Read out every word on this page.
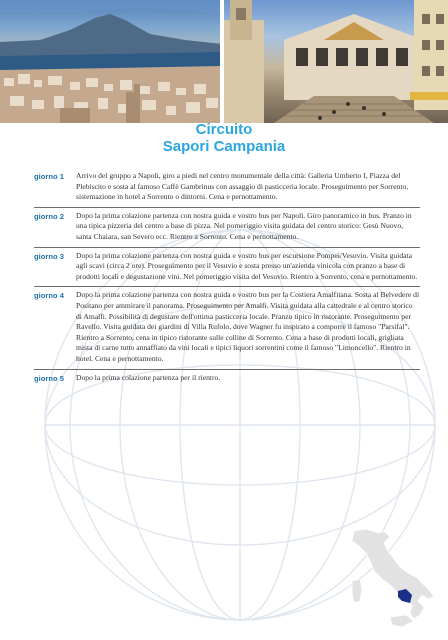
Circuito
Sapori Campania
giorno 1	Arrivo del gruppo a Napoli, giro a piedi nel centro monumentale della città: Galleria Umberto I, Piazza del Plebiscito e sosta al famoso Caffè Gambrinus con assaggio di pasticceria locale. Proseguimento per Sorrento, sistemazione in hotel a Sorrento o dintorni. Cena e pernottamento.
giorno 2	Dopo la prima colazione partenza con nostra guida e vostro bus per Napoli. Giro panoramico in bus. Pranzo in una tipica pizzeria del centro a base di pizza. Nel pomeriggio visita guidata del centro storico: Gesù Nuovo, santa Chaiara, san Severo ecc. Rientro a Sorrento. Cena e pernottamento.
giorno 3	Dopo la prima colazione partenza con nostra guida e vostro bus per escursione Pompei/Vesuvio. Visita guidata agli scavi (circa 2 ore). Proseguimento per il Vesuvio e sosta presso un'azienda vinicola con pranzo a base di prodotti locali e degustazione vini. Nel pomeriggio visita del Vesuvio. Rientro a Sorrento, cena e pernottamento.
giorno 4	Dopo la prima colazione partenza con nostra guida e vostro bus per la Costiera Amalfitana. Sosta al Belvedere di Positano per ammirare il panorama. Proseguimento per Amalfi. Visita guidata alla cattedrale e al centro storico di Amalfi. Possibilità di degustare dell'ottima pasticceria locale. Pranzo tipico in ristorante. Proseguimento per Ravello. Visita guidata dei giardini di Villa Rufolo, dove Wagner fu inspirato a comporre il famoso "Parsifal". Rientro a Sorrento, cena in tipico ristorante sulle colline di Sorrento. Cena a base di prodotti locali, grigliata mista di carne tutto annaffiato da vini locali e tipici liquori sorrentini come il famoso "Limoncello". Rientro in hotel. Cena e pernottamento.
giorno 5	Dopo la prima colazione partenza per il rientro.
